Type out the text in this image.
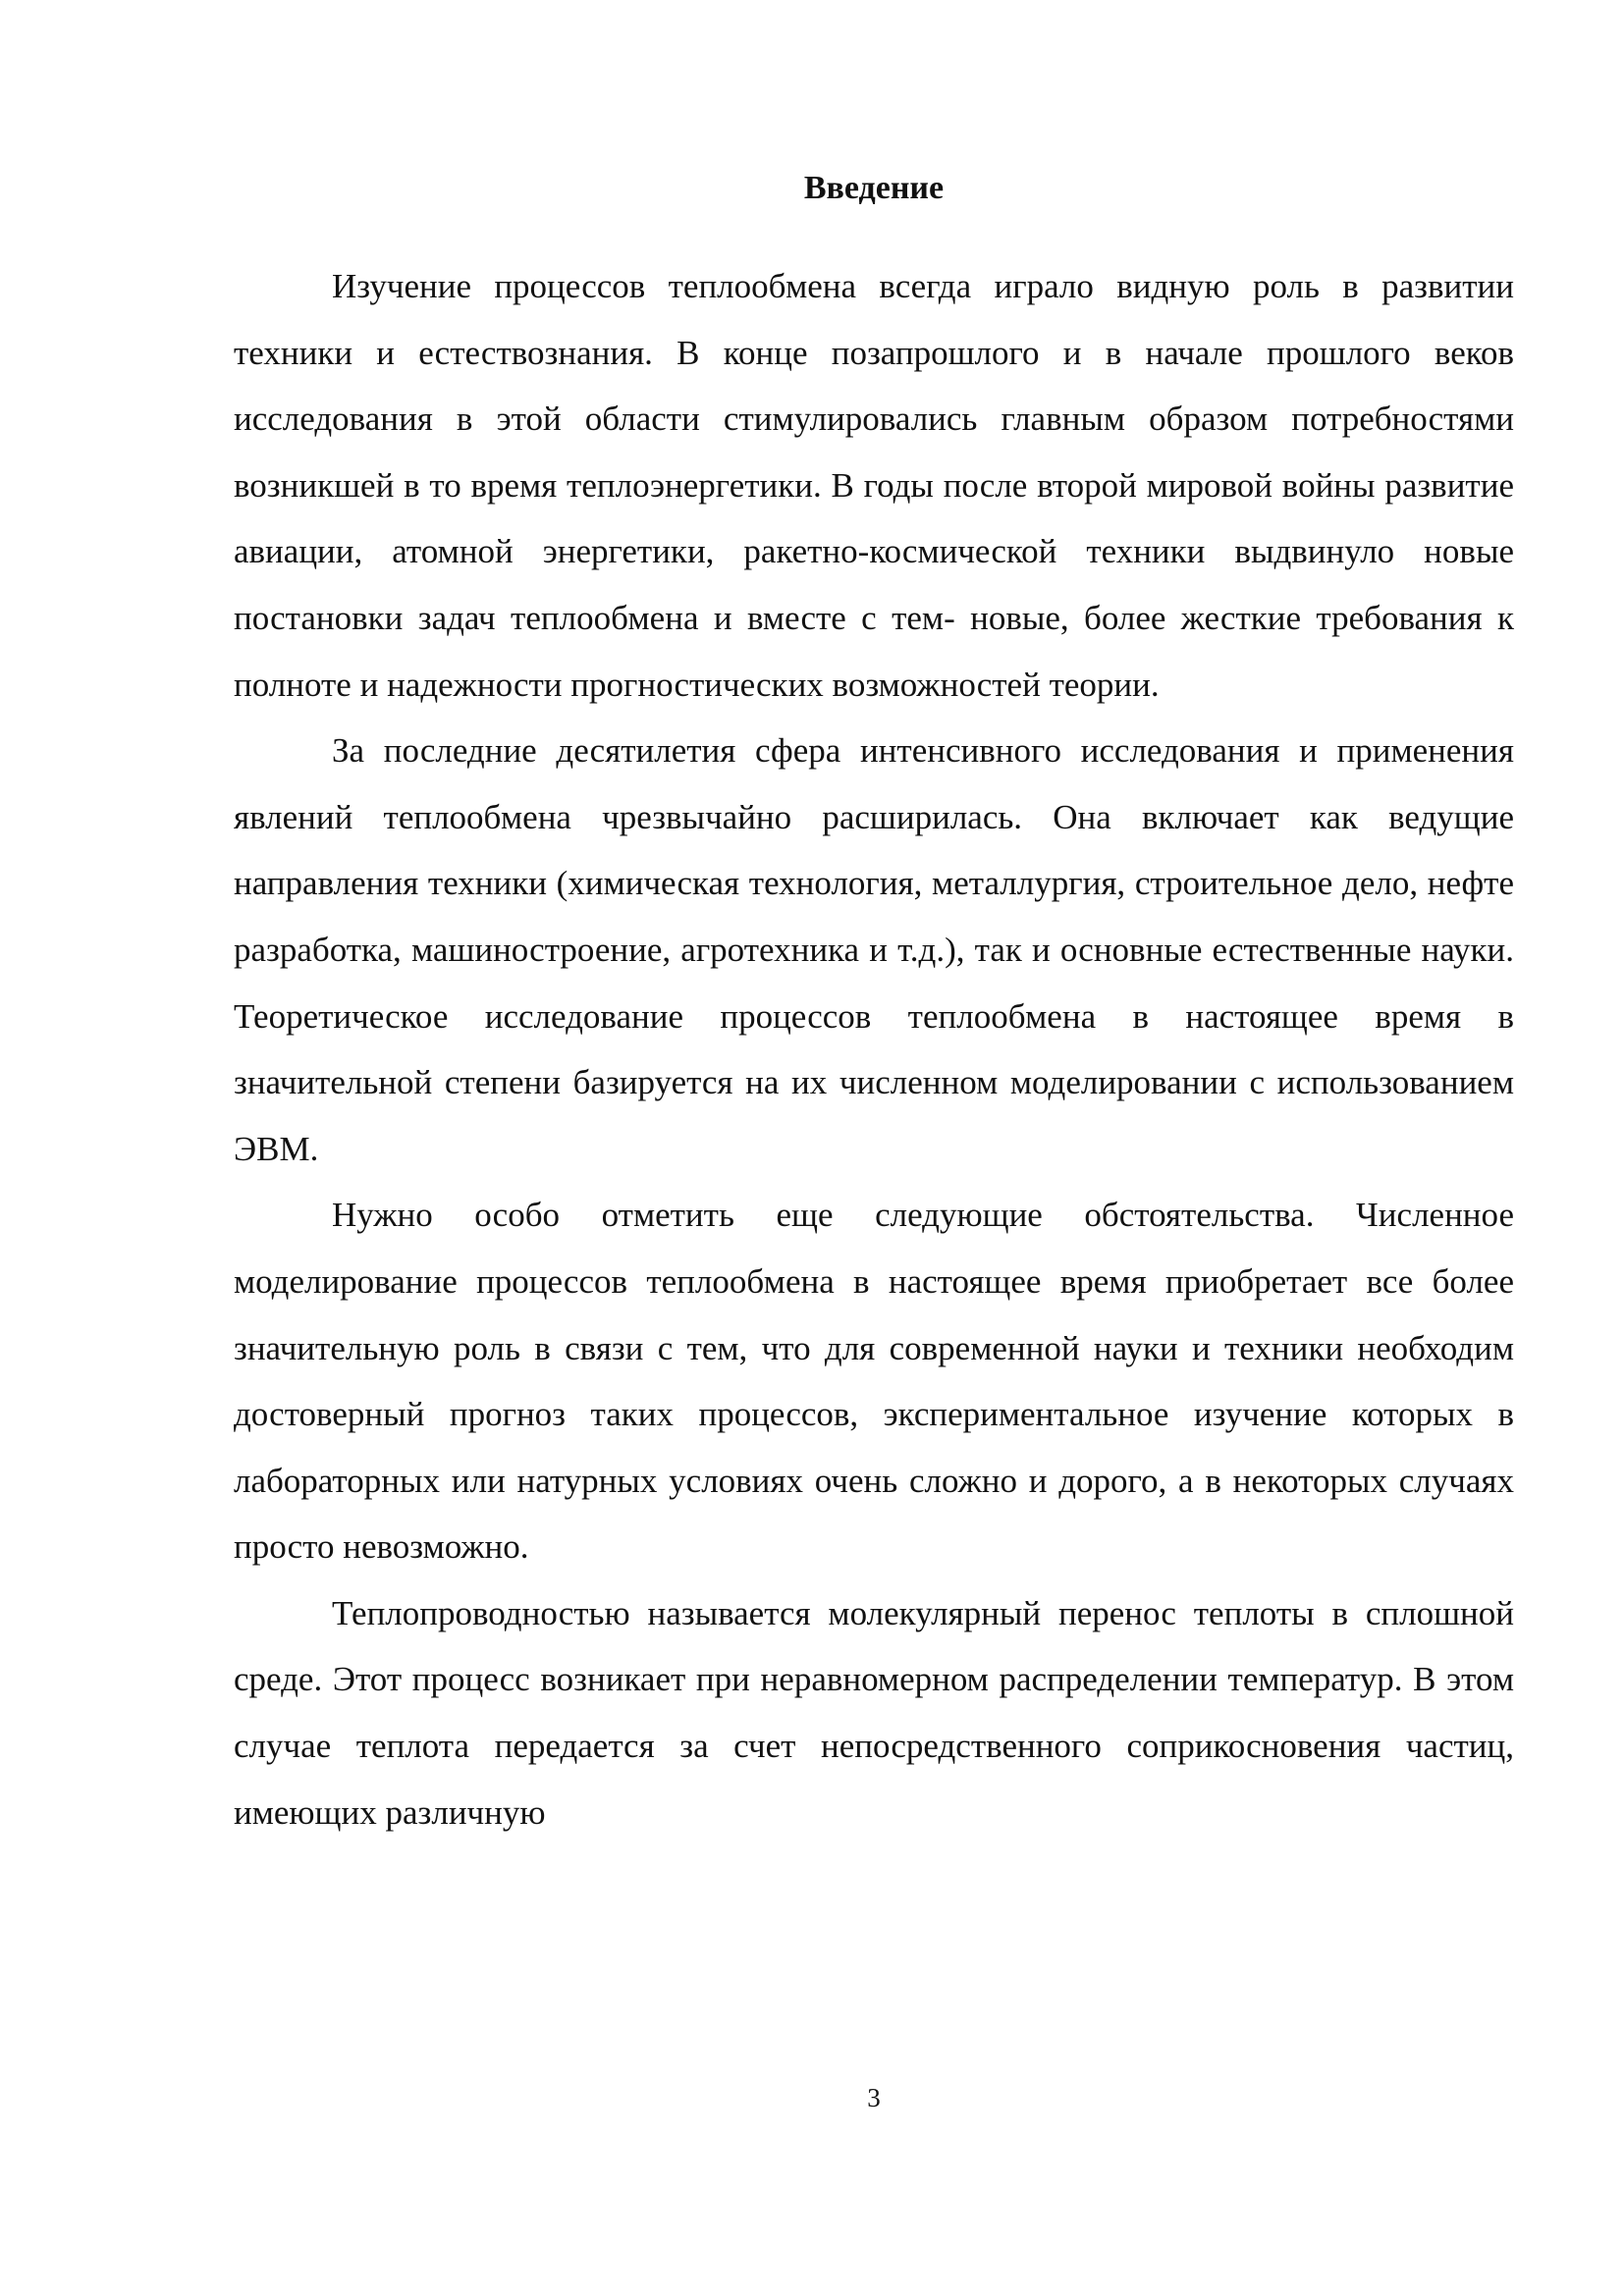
Введение

Изучение процессов теплообмена всегда играло видную роль в развитии техники и естествознания. В конце позапрошлого и в начале прошлого веков исследования в этой области стимулировались главным образом потребностями возникшей в то время теплоэнергетики. В годы после второй мировой войны развитие авиации, атомной энергетики, ракетно-космической техники выдвинуло новые постановки задач теплообмена и вместе с тем- новые, более жесткие требования к полноте и надежности прогностических возможностей теории.

За последние десятилетия сфера интенсивного исследования и применения явлений теплообмена чрезвычайно расширилась. Она включает как ведущие направления техники (химическая технология, металлургия, строительное дело, нефте разработка, машиностроение, агротехника и т.д.), так и основные естественные науки. Теоретическое исследование процессов теплообмена в настоящее время в значительной степени базируется на их численном моделировании с использованием ЭВМ.

Нужно особо отметить еще следующие обстоятельства. Численное моделирование процессов теплообмена в настоящее время приобретает все более значительную роль в связи с тем, что для современной науки и техники необходим достоверный прогноз таких процессов, экспериментальное изучение которых в лабораторных или натурных условиях очень сложно и дорого, а в некоторых случаях просто невозможно.

Теплопроводностью называется молекулярный перенос теплоты в сплошной среде. Этот процесс возникает при неравномерном распределении температур. В этом случае теплота передается за счет непосредственного соприкосновения частиц, имеющих различную

3
